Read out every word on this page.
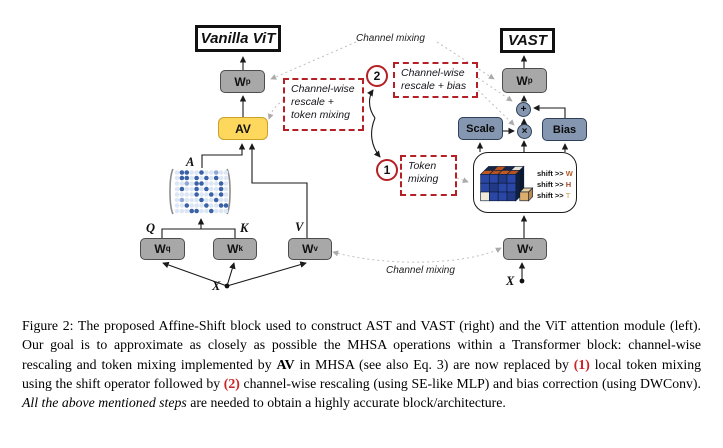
Vanilla ViT
W p
AV
A
Q	K	V
W q	W k	W v
X
Channel mixing
Channel-wise
rescale +
token mixing
2 Channel-wise
rescale + bias
1 Token
mixing
Channel mixing
VAST
W p
+
×
Scale	Bias
shift >> W
shift >> H
shift >> T
W v
X
Figure 2: The proposed Affine-Shift block used to construct AST and VAST (right) and the ViT attention module (left). Our goal is to approximate as closely as possible the MHSA operations within a Transformer block: channel-wise rescaling and token mixing implemented by AV in MHSA (see also Eq. 3) are now replaced by (1) local token mixing using the shift operator followed by (2) channel-wise rescaling (using SE-like MLP) and bias correction (using DWConv). All the above mentioned steps are needed to obtain a highly accurate block/architecture.
